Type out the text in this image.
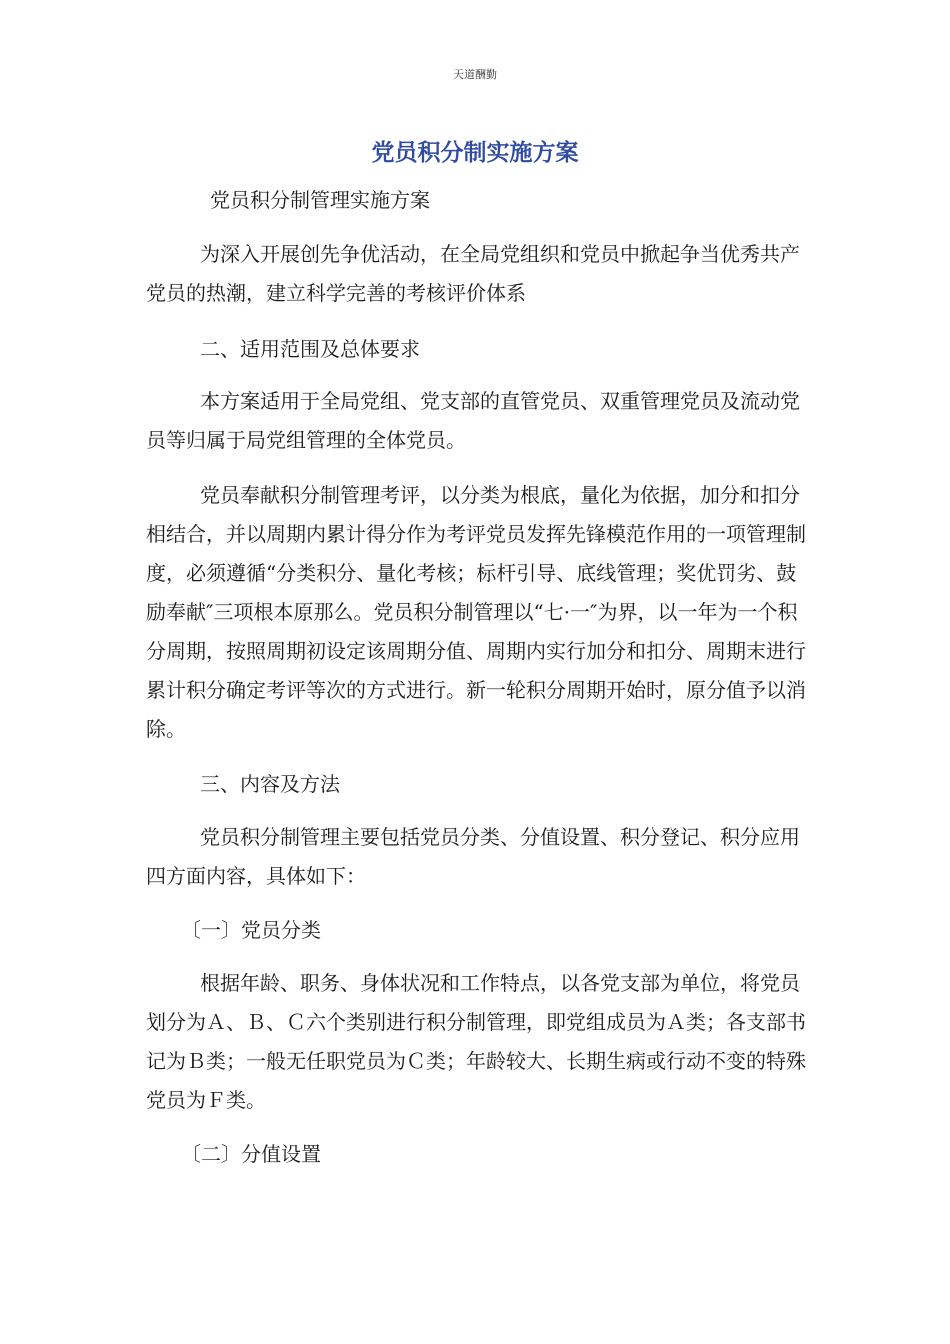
天道酬勤
党员积分制实施方案

党员积分制管理实施方案

为深入开展创先争优活动，在全局党组织和党员中掀起争当优秀共产党员的热潮，建立科学完善的考核评价体系

二、适用范围及总体要求

本方案适用于全局党组、党支部的直管党员、双重管理党员及流动党员等归属于局党组管理的全体党员。

党员奉献积分制管理考评，以分类为根底，量化为依据，加分和扣分相结合，并以周期内累计得分作为考评党员发挥先锋模范作用的一项管理制度，必须遵循“分类积分、量化考核；标杆引导、底线管理；奖优罚劣、鼓励奉献″三项根本原那么。党员积分制管理以“七·一″为界，以一年为一个积分周期，按照周期初设定该周期分值、周期内实行加分和扣分、周期末进行累计积分确定考评等次的方式进行。新一轮积分周期开始时，原分值予以消除。

三、内容及方法

党员积分制管理主要包括党员分类、分值设置、积分登记、积分应用四方面内容，具体如下：

〔一〕党员分类

根据年龄、职务、身体状况和工作特点，以各党支部为单位，将党员划分为Ａ、Ｂ、Ｃ六个类别进行积分制管理，即党组成员为Ａ类；各支部书记为Ｂ类；一般无任职党员为Ｃ类；年龄较大、长期生病或行动不变的特殊党员为Ｆ类。

〔二〕分值设置
